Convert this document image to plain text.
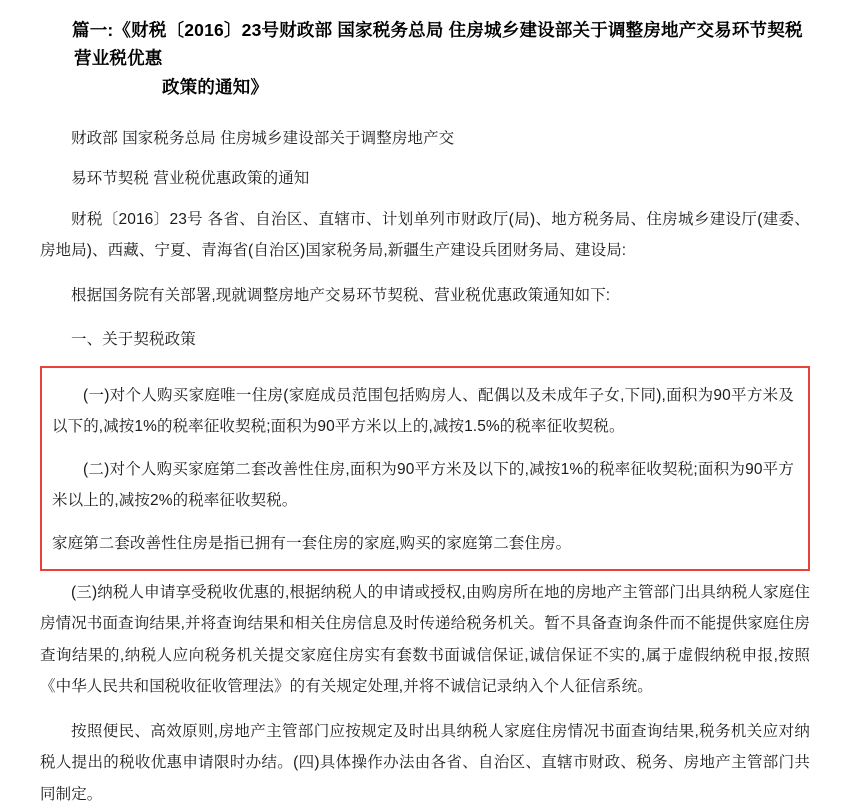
篇一:《财税〔2016〕23号财政部 国家税务总局 住房城乡建设部关于调整房地产交易环节契税 营业税优惠
政策的通知》

财政部 国家税务总局 住房城乡建设部关于调整房地产交

易环节契税 营业税优惠政策的通知

财税〔2016〕23号 各省、自治区、直辖市、计划单列市财政厅(局)、地方税务局、住房城乡建设厅(建委、房地局)、西藏、宁夏、青海省(自治区)国家税务局,新疆生产建设兵团财务局、建设局:

根据国务院有关部署,现就调整房地产交易环节契税、营业税优惠政策通知如下:

一、关于契税政策

(一)对个人购买家庭唯一住房(家庭成员范围包括购房人、配偶以及未成年子女,下同),面积为90平方米及以下的,减按1%的税率征收契税;面积为90平方米以上的,减按1.5%的税率征收契税。

(二)对个人购买家庭第二套改善性住房,面积为90平方米及以下的,减按1%的税率征收契税;面积为90平方米以上的,减按2%的税率征收契税。

家庭第二套改善性住房是指已拥有一套住房的家庭,购买的家庭第二套住房。

(三)纳税人申请享受税收优惠的,根据纳税人的申请或授权,由购房所在地的房地产主管部门出具纳税人家庭住房情况书面查询结果,并将查询结果和相关住房信息及时传递给税务机关。暂不具备查询条件而不能提供家庭住房查询结果的,纳税人应向税务机关提交家庭住房实有套数书面诚信保证,诚信保证不实的,属于虚假纳税申报,按照《中华人民共和国税收征收管理法》的有关规定处理,并将不诚信记录纳入个人征信系统。

按照便民、高效原则,房地产主管部门应按规定及时出具纳税人家庭住房情况书面查询结果,税务机关应对纳税人提出的税收优惠申请限时办结。(四)具体操作办法由各省、自治区、直辖市财政、税务、房地产主管部门共同制定。
